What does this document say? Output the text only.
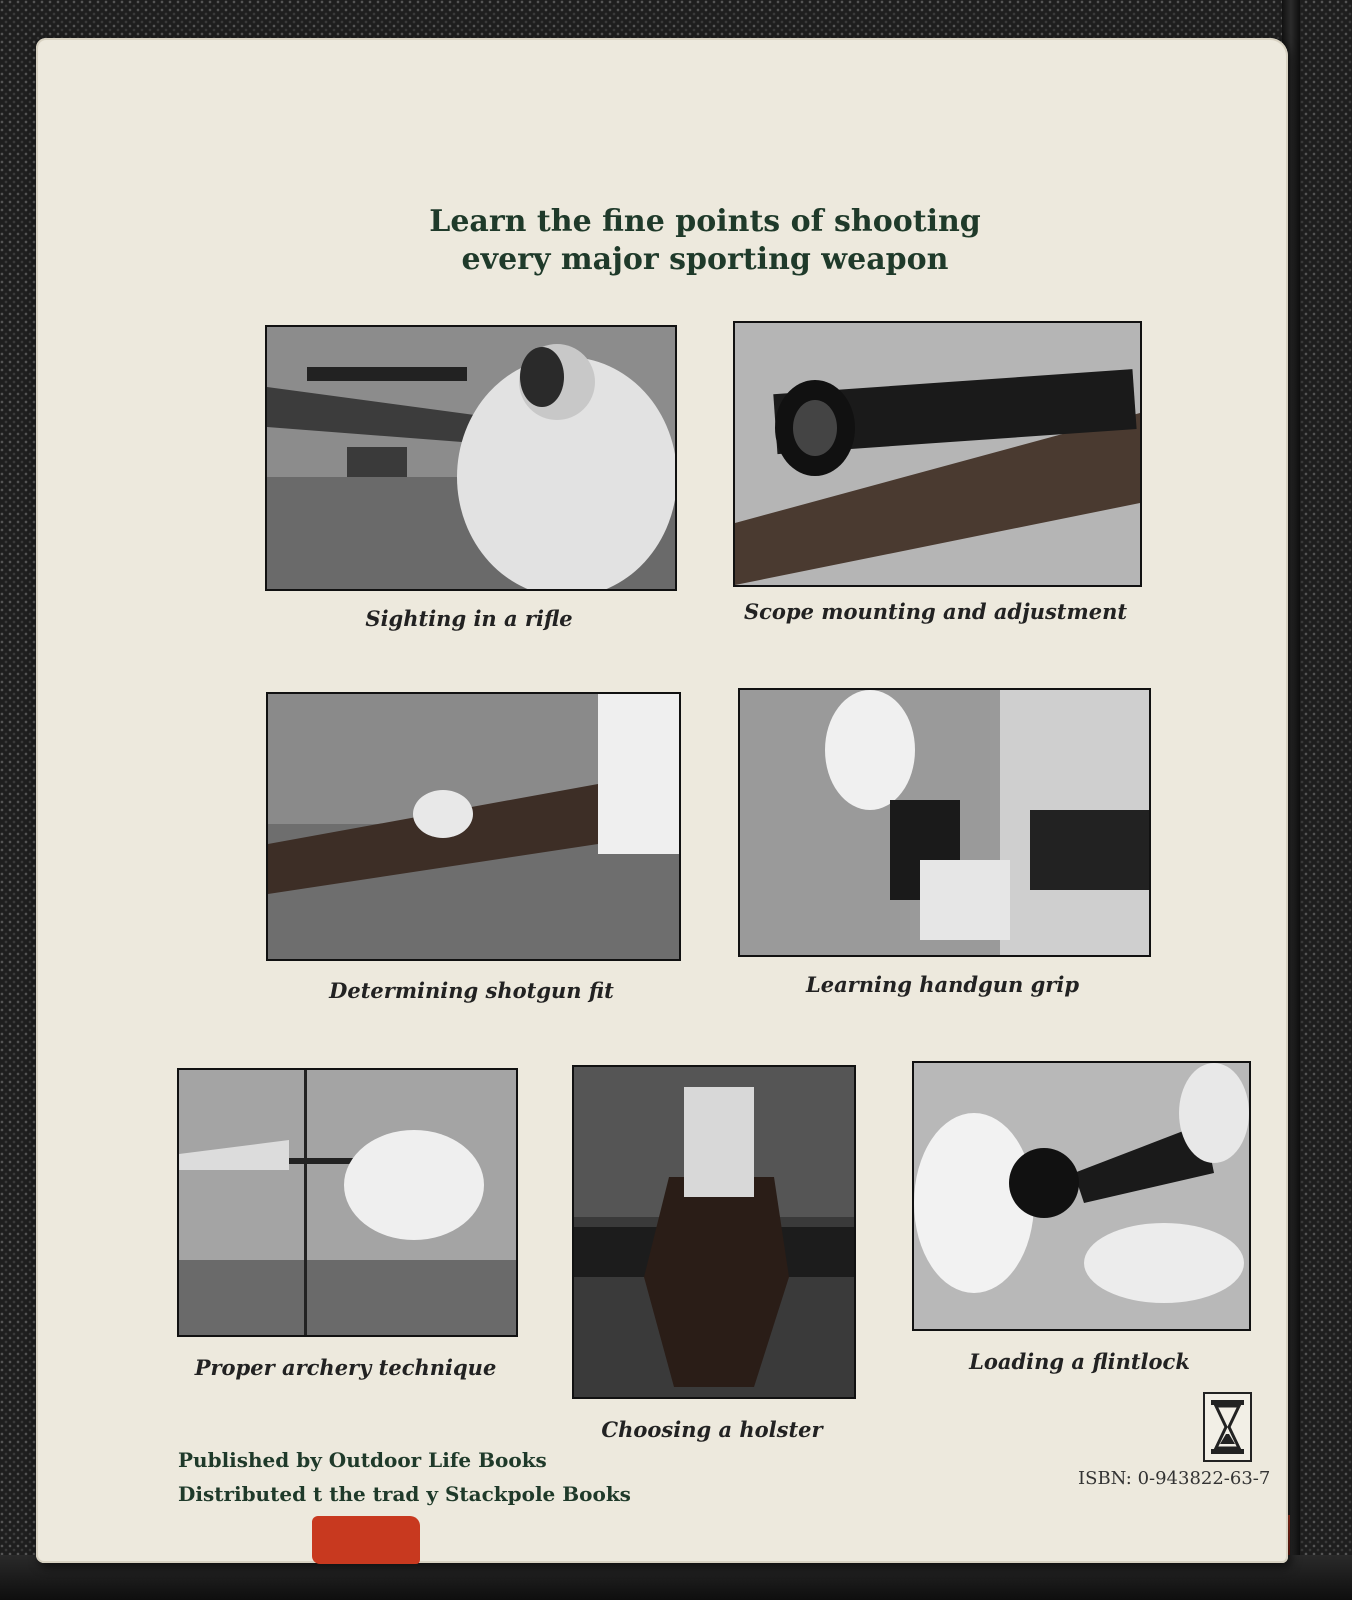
Learn the fine points of shooting
every major sporting weapon
Sighting in a rifle	Scope mounting and adjustment
Determining shotgun fit	Learning handgun grip
Proper archery technique
Choosing a holster
Loading a flintlock
Published by Outdoor Life Books
Distributed t the trad y Stackpole Books
ISBN: 0-943822-63-7
